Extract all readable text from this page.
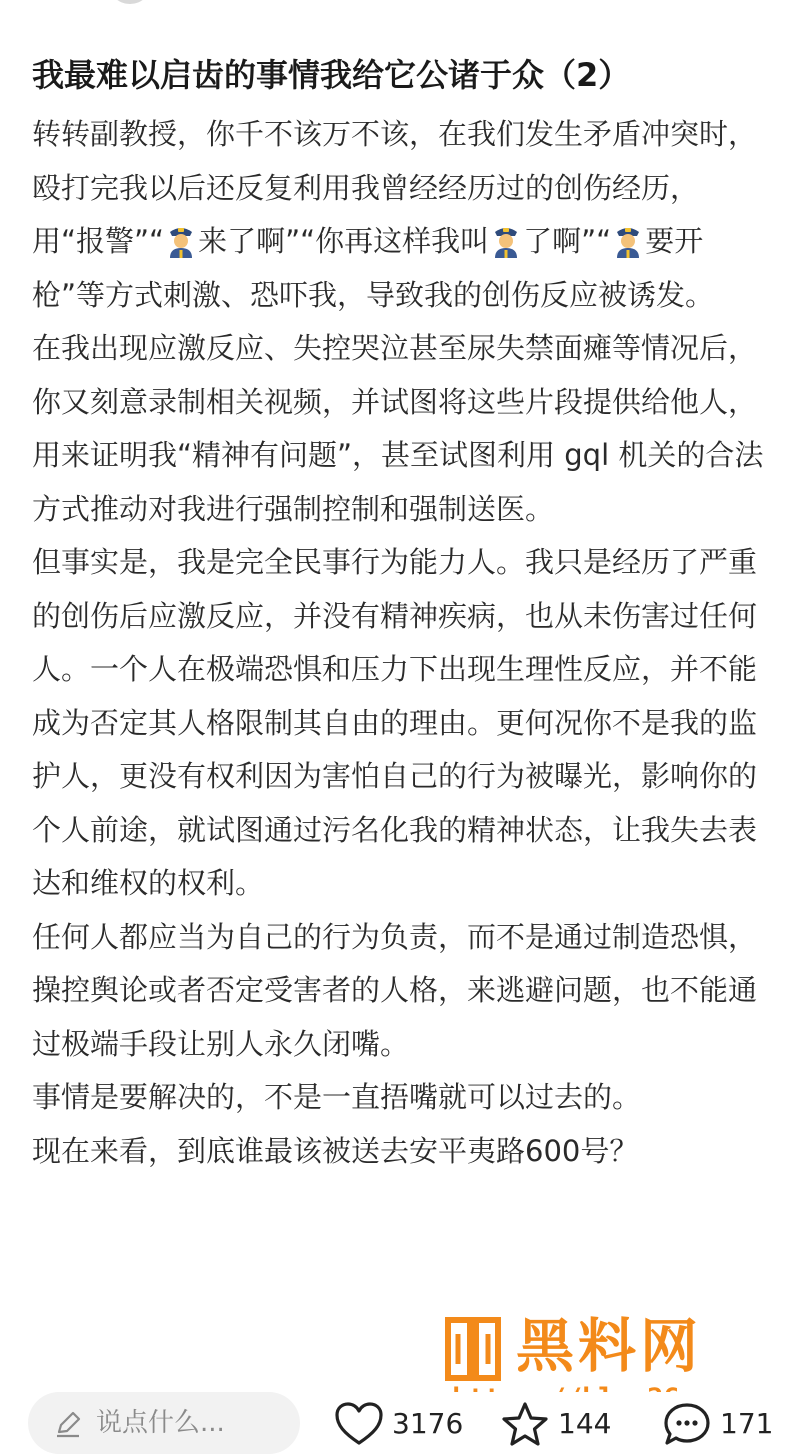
我最难以启齿的事情我给它公诸于众（2）

转转副教授，你千不该万不该，在我们发生矛盾冲突时，殴打完我以后还反复利用我曾经经历过的创伤经历，用“报警”“ 来了啊”“你再这样我叫 了啊”“ 要开枪”等方式刺激、恐吓我，导致我的创伤反应被诱发。

在我出现应激反应、失控哭泣甚至尿失禁面瘫等情况后，你又刻意录制相关视频，并试图将这些片段提供给他人，用来证明我“精神有问题”，甚至试图利用 gql 机关的合法方式推动对我进行强制控制和强制送医。

但事实是，我是完全民事行为能力人。我只是经历了严重的创伤后应激反应，并没有精神疾病，也从未伤害过任何人。一个人在极端恐惧和压力下出现生理性反应，并不能成为否定其人格限制其自由的理由。更何况你不是我的监护人，更没有权利因为害怕自己的行为被曝光，影响你的个人前途，就试图通过污名化我的精神状态，让我失去表达和维权的权利。

任何人都应当为自己的行为负责，而不是通过制造恐惧，操控舆论或者否定受害者的人格，来逃避问题，也不能通过极端手段让别人永久闭嘴。

事情是要解决的，不是一直捂嘴就可以过去的。

现在来看，到底谁最该被送去安平夷路600号？

黑料网
说点什么...	3176	144	171
